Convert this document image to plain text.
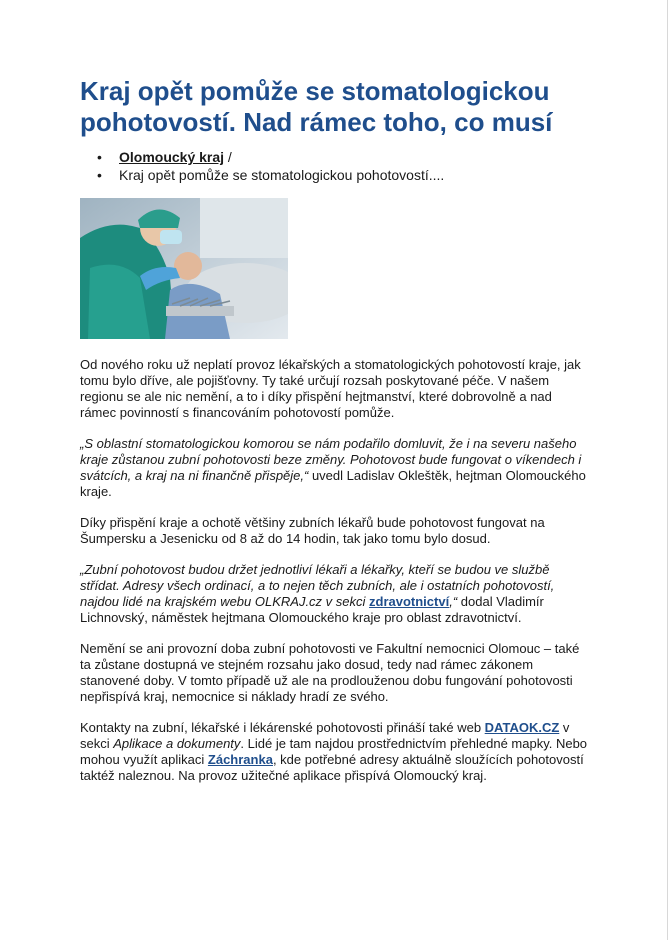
Kraj opět pomůže se stomatologickou pohotovostí. Nad rámec toho, co musí
• Olomoucký kraj /
• Kraj opět pomůže se stomatologickou pohotovostí....

Od nového roku už neplatí provoz lékařských a stomatologických pohotovostí kraje, jak tomu bylo dříve, ale pojišťovny. Ty také určují rozsah poskytované péče. V našem regionu se ale nic nemění, a to i díky přispění hejtmanství, které dobrovolně a nad rámec povinností s financováním pohotovostí pomůže.

„S oblastní stomatologickou komorou se nám podařilo domluvit, že i na severu našeho kraje zůstanou zubní pohotovosti beze změny. Pohotovost bude fungovat o víkendech i svátcích, a kraj na ni finančně přispěje,“ uvedl Ladislav Okleštěk, hejtman Olomouckého kraje.

Díky přispění kraje a ochotě většiny zubních lékařů bude pohotovost fungovat na Šumpersku a Jesenicku od 8 až do 14 hodin, tak jako tomu bylo dosud.

„Zubní pohotovost budou držet jednotliví lékaři a lékařky, kteří se budou ve službě střídat. Adresy všech ordinací, a to nejen těch zubních, ale i ostatních pohotovostí, najdou lidé na krajském webu OLKRAJ.cz v sekci zdravotnictví,“ dodal Vladimír Lichnovský, náměstek hejtmana Olomouckého kraje pro oblast zdravotnictví.

Nemění se ani provozní doba zubní pohotovosti ve Fakultní nemocnici Olomouc – také ta zůstane dostupná ve stejném rozsahu jako dosud, tedy nad rámec zákonem stanovené doby. V tomto případě už ale na prodlouženou dobu fungování pohotovosti nepřispívá kraj, nemocnice si náklady hradí ze svého.

Kontakty na zubní, lékařské i lékárenské pohotovosti přináší také web DATAOK.CZ v sekci Aplikace a dokumenty. Lidé je tam najdou prostřednictvím přehledné mapky. Nebo mohou využít aplikaci Záchranka, kde potřebné adresy aktuálně sloužících pohotovostí taktéž naleznou. Na provoz užitečné aplikace přispívá Olomoucký kraj.
